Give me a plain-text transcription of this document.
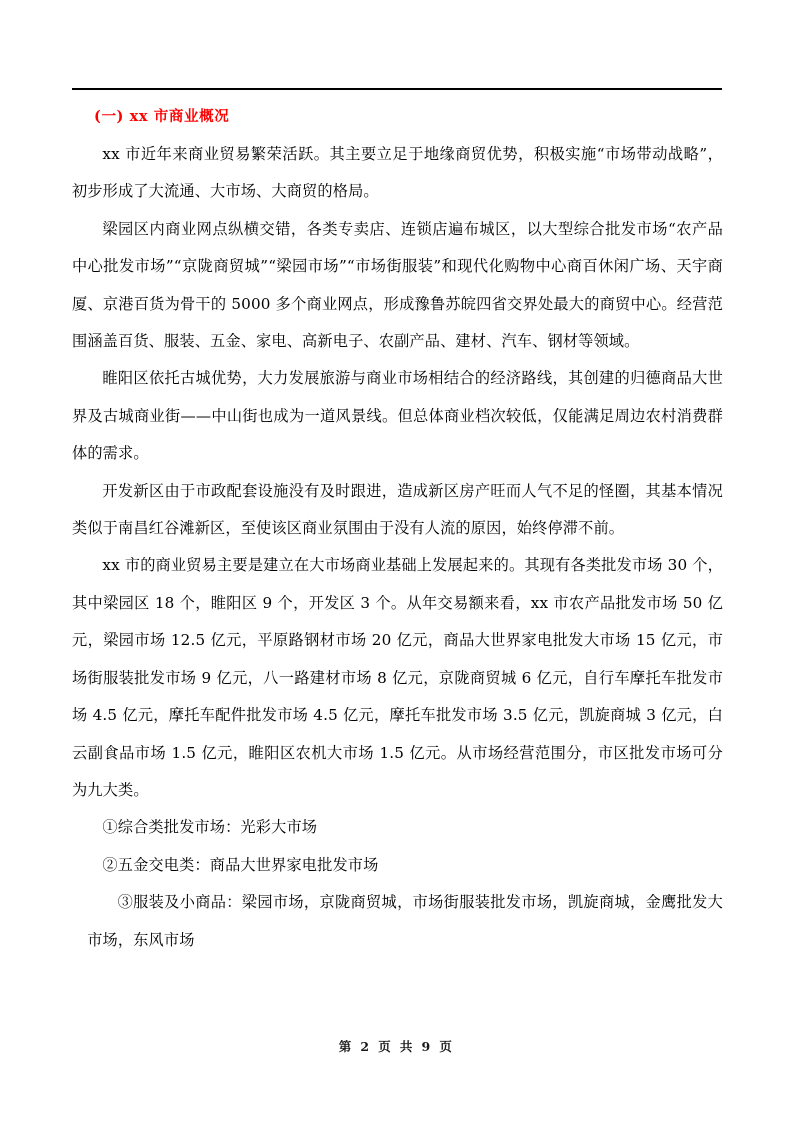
(一) xx 市商业概况

xx 市近年来商业贸易繁荣活跃。其主要立足于地缘商贸优势，积极实施“市场带动战略”，初步形成了大流通、大市场、大商贸的格局。

梁园区内商业网点纵横交错，各类专卖店、连锁店遍布城区，以大型综合批发市场“农产品中心批发市场”“京陇商贸城”“梁园市场”“市场街服装”和现代化购物中心商百休闲广场、天宇商厦、京港百货为骨干的 5000 多个商业网点，形成豫鲁苏皖四省交界处最大的商贸中心。经营范围涵盖百货、服装、五金、家电、高新电子、农副产品、建材、汽车、钢材等领域。

睢阳区依托古城优势，大力发展旅游与商业市场相结合的经济路线，其创建的归德商品大世界及古城商业街——中山街也成为一道风景线。但总体商业档次较低，仅能满足周边农村消费群体的需求。

开发新区由于市政配套设施没有及时跟进，造成新区房产旺而人气不足的怪圈，其基本情况类似于南昌红谷滩新区，至使该区商业氛围由于没有人流的原因，始终停滞不前。

xx 市的商业贸易主要是建立在大市场商业基础上发展起来的。其现有各类批发市场 30 个，其中梁园区 18 个，睢阳区 9 个，开发区 3 个。从年交易额来看，xx 市农产品批发市场 50 亿元，梁园市场 12.5 亿元，平原路钢材市场 20 亿元，商品大世界家电批发大市场 15 亿元，市场街服装批发市场 9 亿元，八一路建材市场 8 亿元，京陇商贸城 6 亿元，自行车摩托车批发市场 4.5 亿元，摩托车配件批发市场 4.5 亿元，摩托车批发市场 3.5 亿元，凯旋商城 3 亿元，白云副食品市场 1.5 亿元，睢阳区农机大市场 1.5 亿元。从市场经营范围分，市区批发市场可分为九大类。

①综合类批发市场：光彩大市场

②五金交电类：商品大世界家电批发市场

③服装及小商品：梁园市场，京陇商贸城，市场街服装批发市场，凯旋商城，金鹰批发大市场，东风市场

第 2 页 共 9 页
